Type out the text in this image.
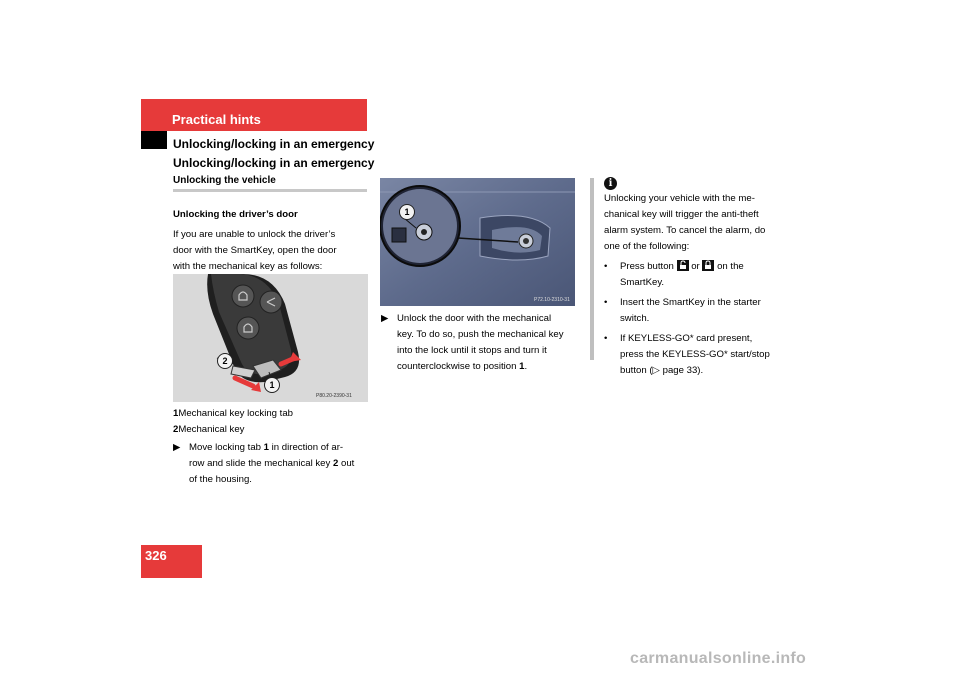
Practical hints
Unlocking/locking in an emergency
Unlocking/locking in an emergency
Unlocking the vehicle
Unlocking the driver’s door
If you are unable to unlock the driver’s
door with the SmartKey, open the door
with the mechanical key as follows:
2
1
P80.20-2390-31
1Mechanical key locking tab
2Mechanical key
▶ Move locking tab 1 in direction of ar-
row and slide the mechanical key 2 out
of the housing.
1
P72.10-2310-31
▶ Unlock the door with the mechanical
key. To do so, push the mechanical key
into the lock until it stops and turn it
counterclockwise to position 1.
i
Unlocking your vehicle with the me-
chanical key will trigger the anti-theft
alarm system. To cancel the alarm, do
one of the following:
• Press button  or  on the
SmartKey.
• Insert the SmartKey in the starter
switch.
• If KEYLESS-GO* card present,
press the KEYLESS-GO* start/stop
button (▷ page 33).
326
carmanualsonline.info
